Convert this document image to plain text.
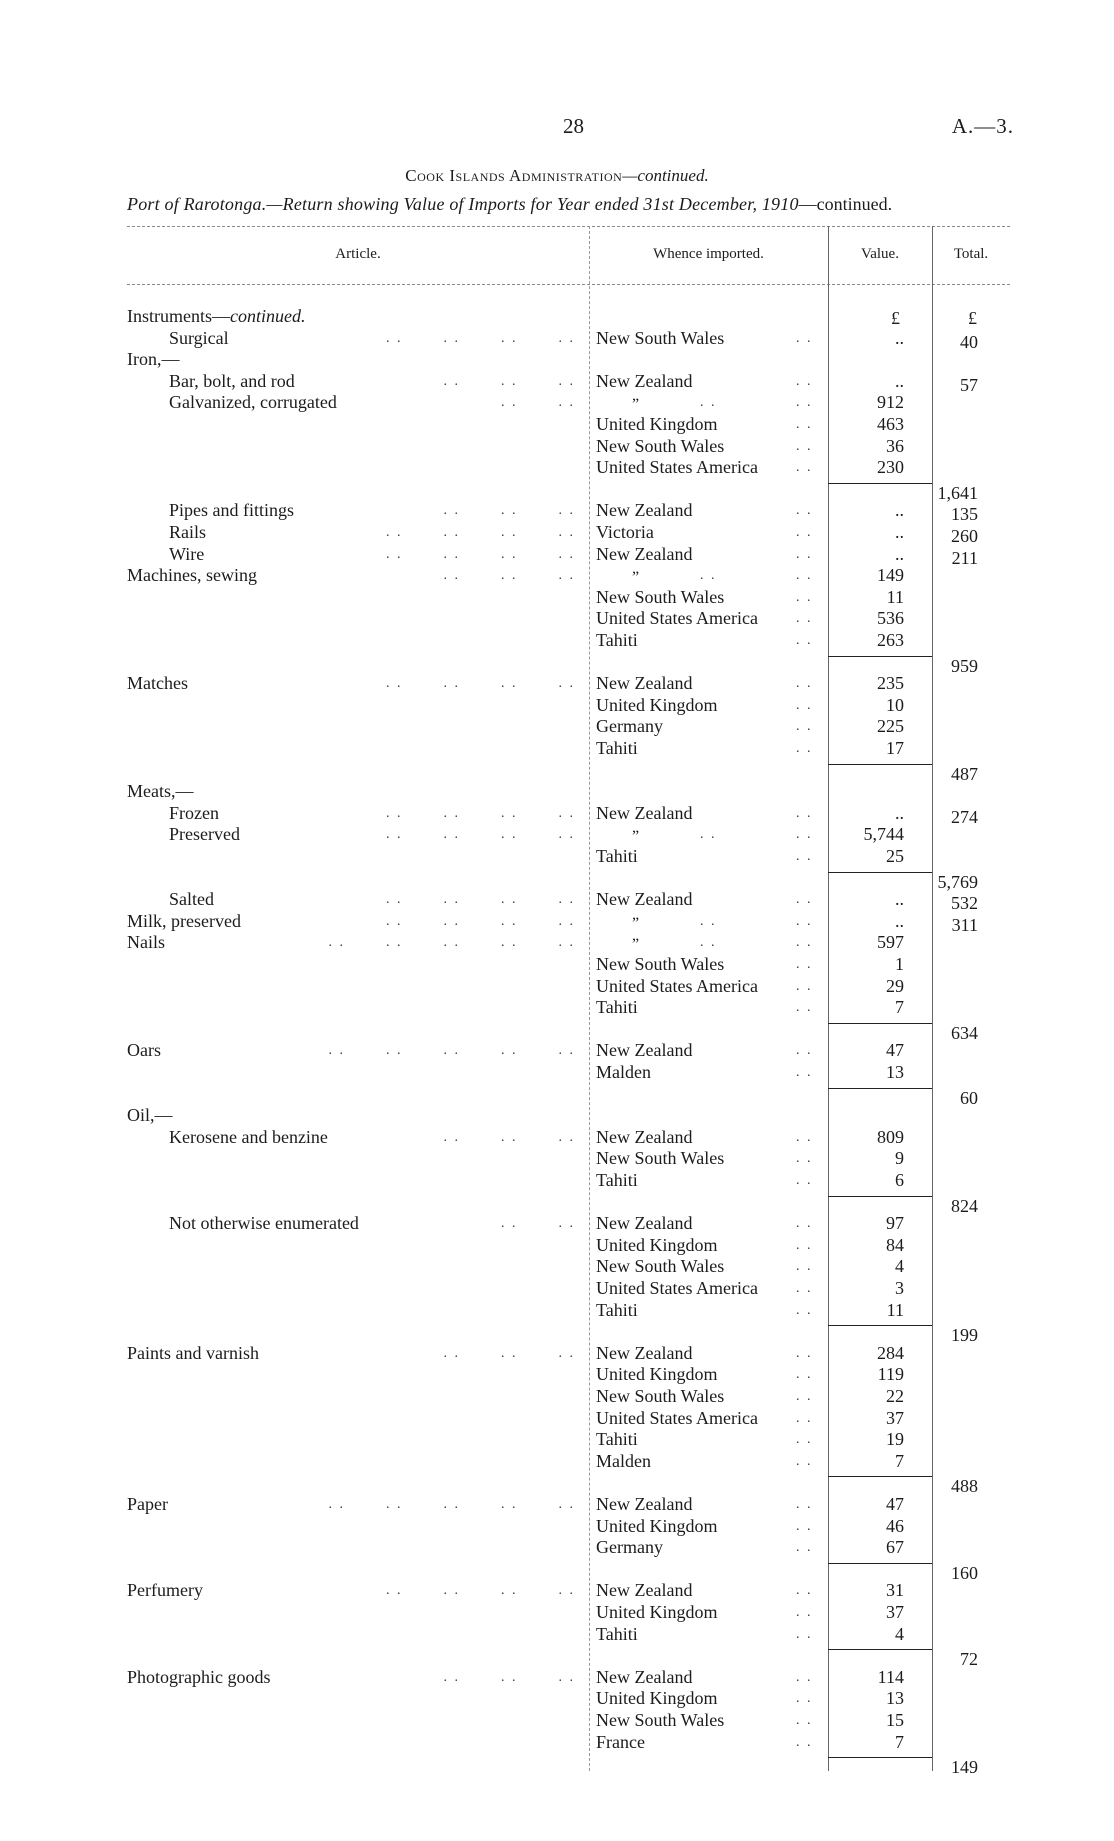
28	A.—3.
Cook Islands Administration—continued.
Port of Rarotonga.—Return showing Value of Imports for Year ended 31st December, 1910—continued.
Article.	Whence imported.	Value.	Total.
£	£
Instruments—continued.
Surgical	. .   . .   . .   . . New South Wales	. .	..	40
Iron,—
Bar, bolt, and rod	. .   . .   . . New Zealand	. .	..	57
Galvanized, corrugated	. .   . .	”	. .	. .	912
United Kingdom	. .	463
New South Wales	. .	36
United States America	. .	230
1,641
Pipes and fittings	. .   . .   . . New Zealand	. .	..	135
Rails	. .   . .   . .   . . Victoria	. .	..	260
Wire	. .   . .   . .   . . New Zealand	. .	..	211
Machines, sewing	. .   . .   . .	”	. .	. .	149
New South Wales	. .	11
United States America	. .	536
Tahiti	. .	263
959
Matches	. .   . .   . .   . . New Zealand	. .	235
United Kingdom	. .	10
Germany	. .	225
Tahiti	. .	17
487
Meats,—
Frozen	. .   . .   . .   . . New Zealand	. .	..	274
Preserved	. .   . .   . .   . .	”	. .	. .	5,744
Tahiti	. .	25
5,769
Salted	. .   . .   . .   . . New Zealand	. .	..	532
Milk, preserved	. .   . .   . .   . .	”	. .	. .	..	311
Nails	. .   . .   . .   . .   . .	”	. .	. .	597
New South Wales	. .	1
United States America	. .	29
Tahiti	. .	7
634
Oars	. .   . .   . .   . .   . . New Zealand	. .	47
Malden	. .	13
60
Oil,—
Kerosene and benzine	. .   . .   . . New Zealand	. .	809
New South Wales	. .	9
Tahiti	. .	6
824
Not otherwise enumerated	. .   . . New Zealand	. .	97
United Kingdom	. .	84
New South Wales	. .	4
United States America	. .	3
Tahiti	. .	11
199
Paints and varnish	. .   . .   . . New Zealand	. .	284
United Kingdom	. .	119
New South Wales	. .	22
United States America	. .	37
Tahiti	. .	19
Malden	. .	7
488
Paper	. .   . .   . .   . .   . . New Zealand	. .	47
United Kingdom	. .	46
Germany	. .	67
160
Perfumery	. .   . .   . .   . . New Zealand	. .	31
United Kingdom	. .	37
Tahiti	. .	4
72
Photographic goods	. .   . .   . . New Zealand	. .	114
United Kingdom	. .	13
New South Wales	. .	15
France	. .	7
149
